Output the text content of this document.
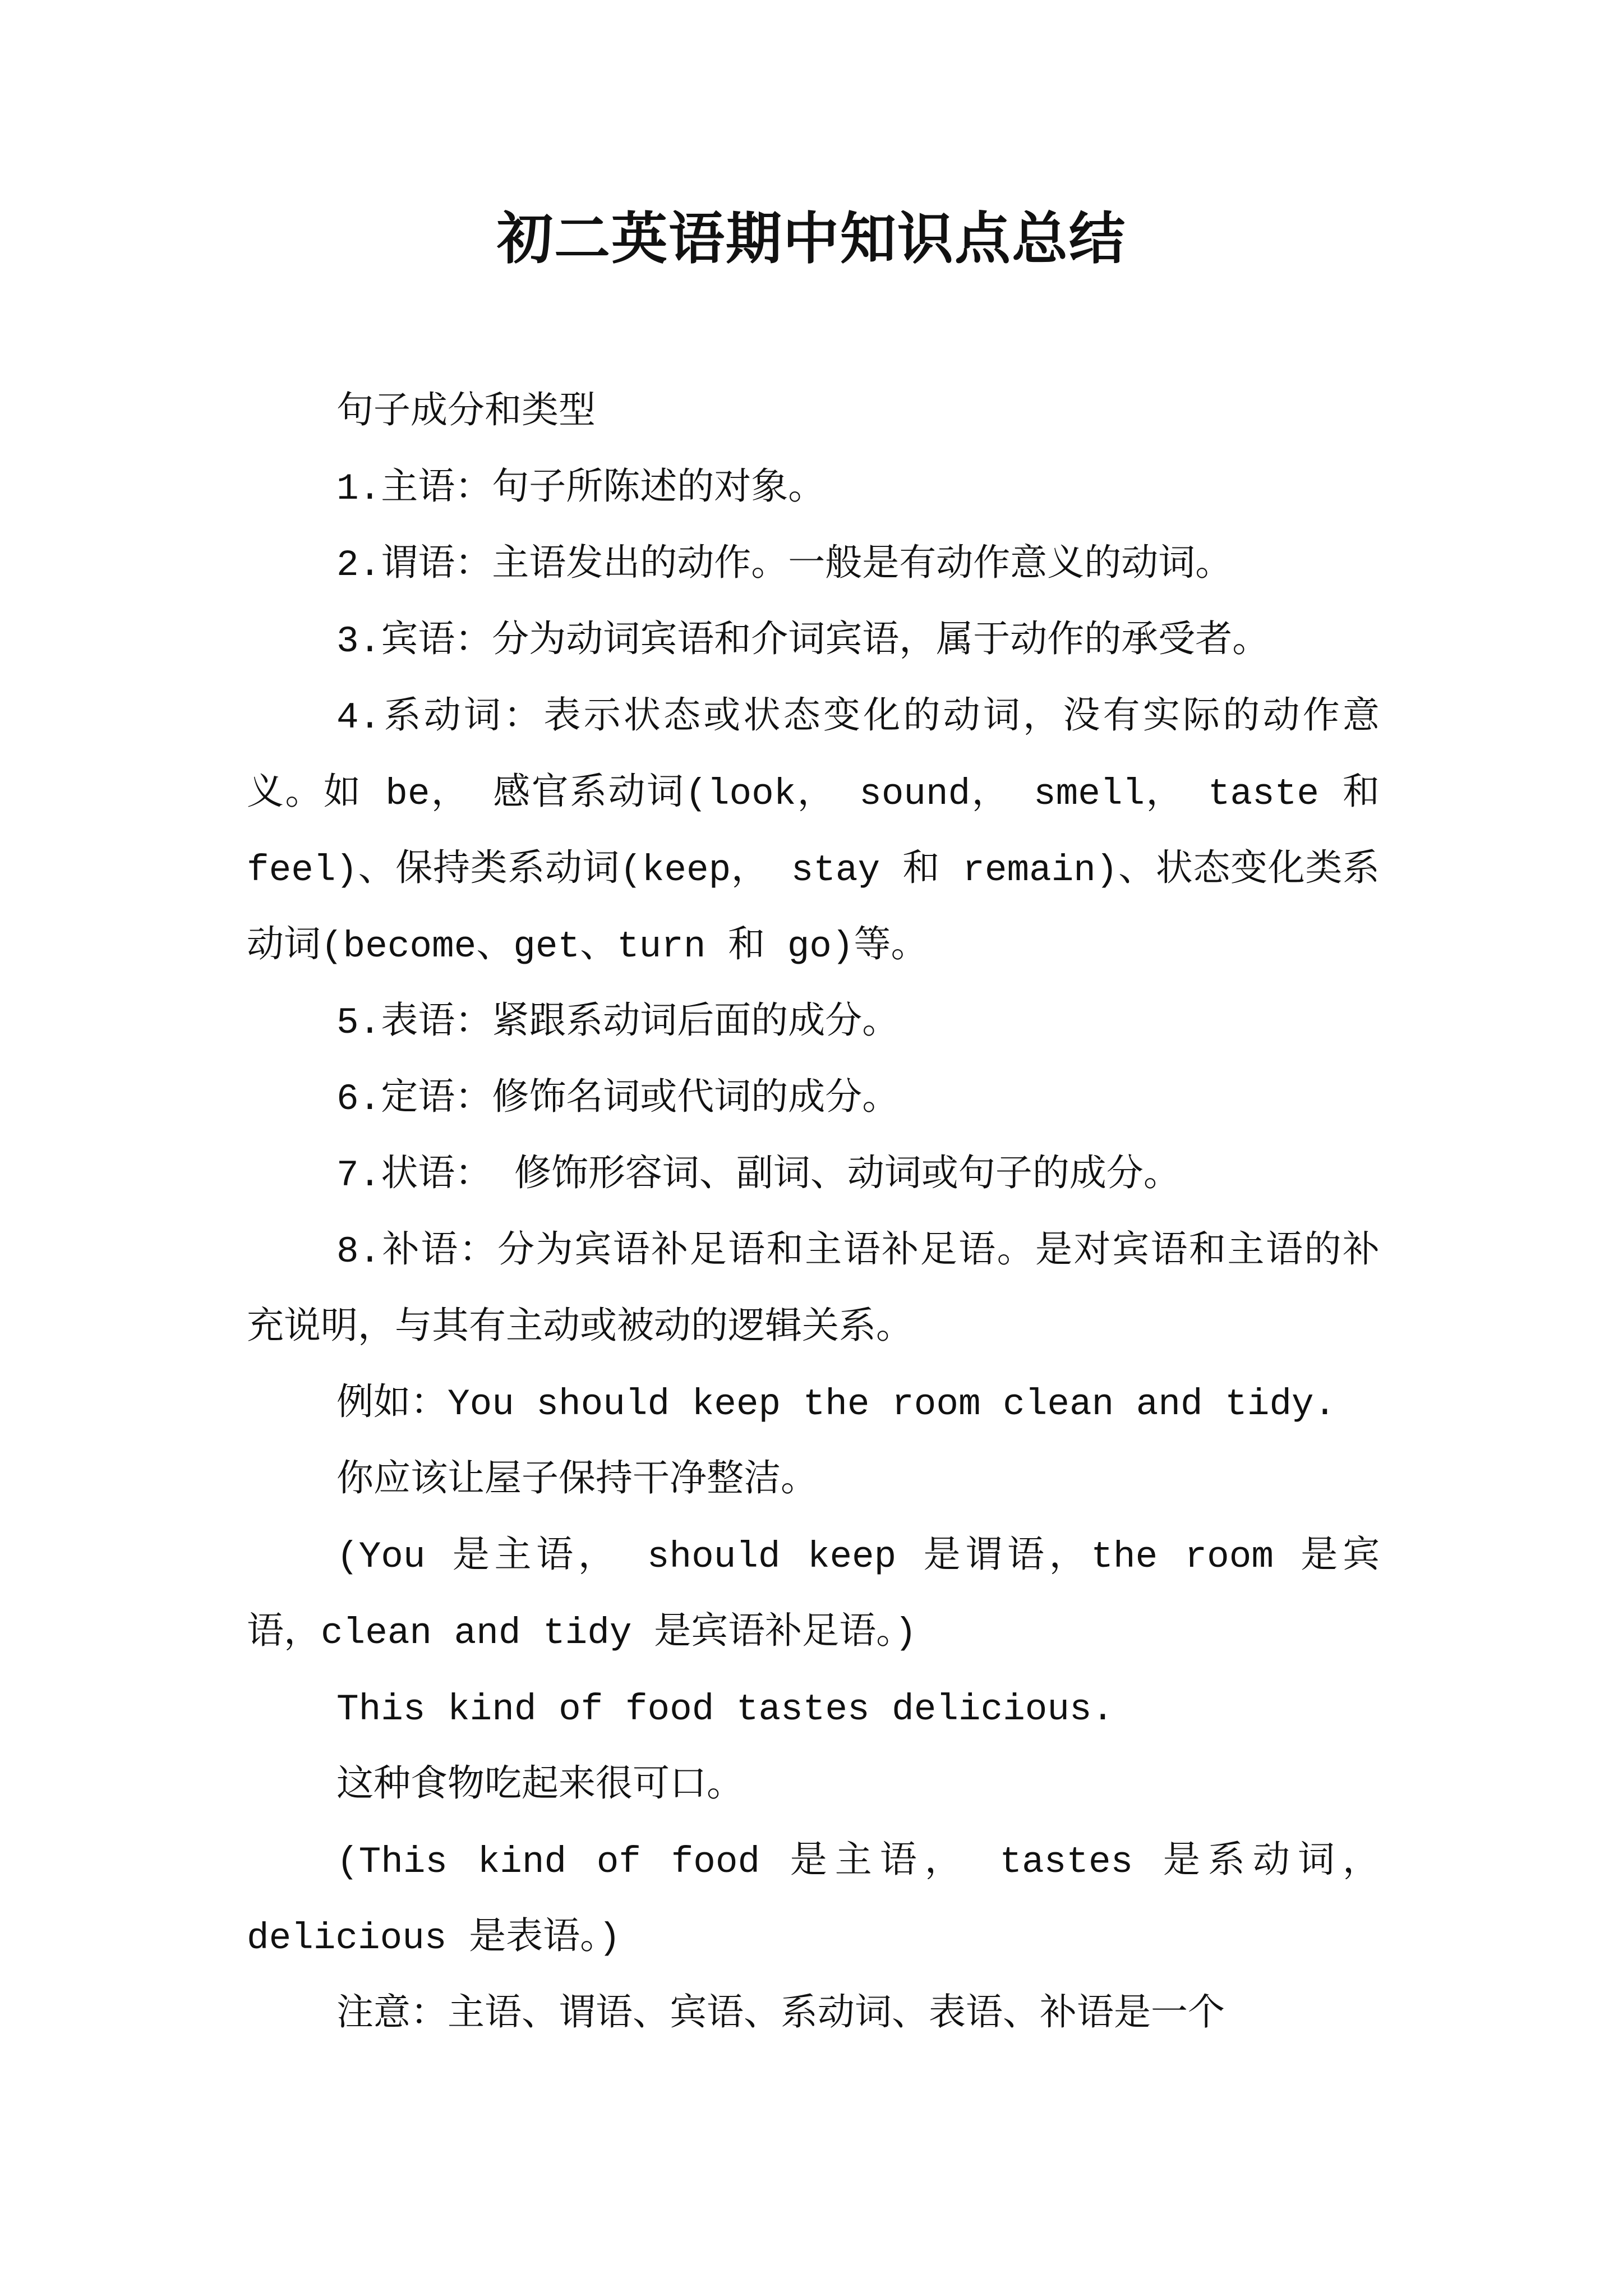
初二英语期中知识点总结

句子成分和类型

1.主语：句子所陈述的对象。

2.谓语：主语发出的动作。一般是有动作意义的动词。

3.宾语：分为动词宾语和介词宾语，属于动作的承受者。

4.系动词：表示状态或状态变化的动词，没有实际的动作意义。如 be， 感官系动词(look， sound， smell， taste 和 feel)、保持类系动词(keep， stay 和 remain)、状态变化类系动词(become、get、turn 和 go)等。

5.表语：紧跟系动词后面的成分。

6.定语：修饰名词或代词的成分。

7.状语： 修饰形容词、副词、动词或句子的成分。

8.补语：分为宾语补足语和主语补足语。是对宾语和主语的补充说明，与其有主动或被动的逻辑关系。

例如：You should keep the room clean and tidy.

你应该让屋子保持干净整洁。

(You 是主语， should keep 是谓语，the room 是宾语，clean and tidy 是宾语补足语。)

This kind of food tastes delicious.

这种食物吃起来很可口。

(This kind of food 是主语， tastes 是系动词，delicious 是表语。)

注意：主语、谓语、宾语、系动词、表语、补语是一个
